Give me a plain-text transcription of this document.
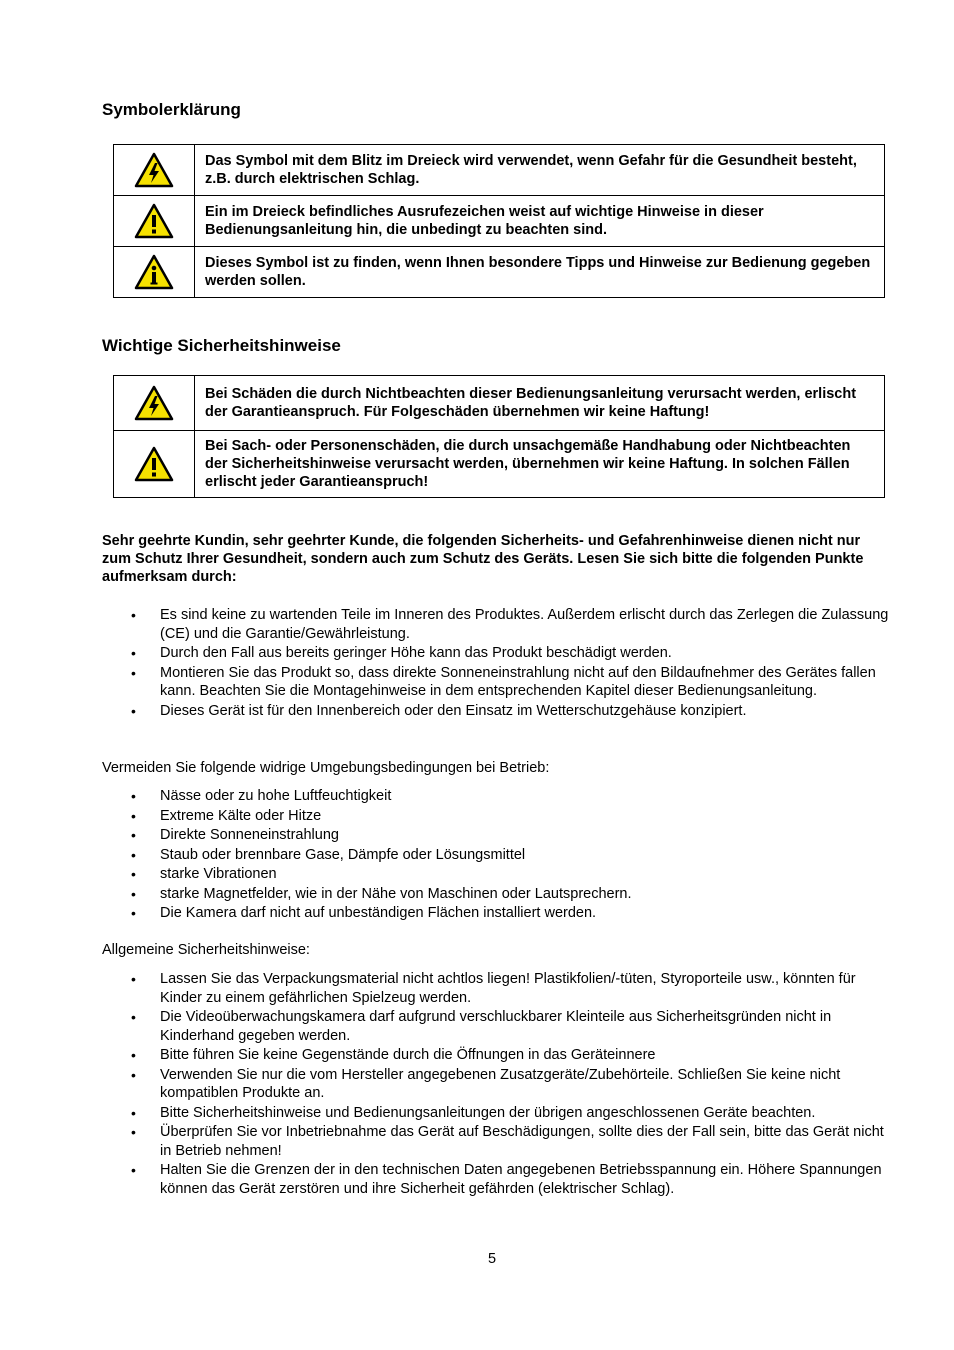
Symbolerklärung
	Das Symbol mit dem Blitz im Dreieck wird verwendet, wenn Gefahr für die Gesundheit besteht, z.B. durch elektrischen Schlag.

	Ein im Dreieck befindliches Ausrufezeichen weist auf wichtige Hinweise in dieser Bedienungsanleitung hin, die unbedingt zu beachten sind.

	Dieses Symbol ist zu finden, wenn Ihnen besondere Tipps und Hinweise zur Bedienung gegeben werden sollen.
Wichtige Sicherheitshinweise
	Bei Schäden die durch Nichtbeachten dieser Bedienungsanleitung verursacht werden, erlischt der Garantieanspruch. Für Folgeschäden übernehmen wir keine Haftung!

	Bei Sach- oder Personenschäden, die durch unsachgemäße Handhabung oder Nichtbeachten der Sicherheitshinweise verursacht werden, übernehmen wir keine Haftung. In solchen Fällen erlischt jeder Garantieanspruch!

Sehr geehrte Kundin, sehr geehrter Kunde, die folgenden Sicherheits- und Gefahrenhinweise dienen nicht nur zum Schutz Ihrer Gesundheit, sondern auch zum Schutz des Geräts. Lesen Sie sich bitte die folgenden Punkte aufmerksam durch:

• Es sind keine zu wartenden Teile im Inneren des Produktes. Außerdem erlischt durch das Zerlegen die Zulassung (CE) und die Garantie/Gewährleistung.
• Durch den Fall aus bereits geringer Höhe kann das Produkt beschädigt werden.
• Montieren Sie das Produkt so, dass direkte Sonneneinstrahlung nicht auf den Bildaufnehmer des Gerätes fallen kann. Beachten Sie die Montagehinweise in dem entsprechenden Kapitel dieser Bedienungsanleitung.
• Dieses Gerät ist für den Innenbereich oder den Einsatz im Wetterschutzgehäuse konzipiert.

Vermeiden Sie folgende widrige Umgebungsbedingungen bei Betrieb:

• Nässe oder zu hohe Luftfeuchtigkeit
• Extreme Kälte oder Hitze
• Direkte Sonneneinstrahlung
• Staub oder brennbare Gase, Dämpfe oder Lösungsmittel
• starke Vibrationen
• starke Magnetfelder, wie in der Nähe von Maschinen oder Lautsprechern.
• Die Kamera darf nicht auf unbeständigen Flächen installiert werden.

Allgemeine Sicherheitshinweise:

• Lassen Sie das Verpackungsmaterial nicht achtlos liegen! Plastikfolien/-tüten, Styroporteile usw., könnten für Kinder zu einem gefährlichen Spielzeug werden.
• Die Videoüberwachungskamera darf aufgrund verschluckbarer Kleinteile aus Sicherheitsgründen nicht in Kinderhand gegeben werden.
• Bitte führen Sie keine Gegenstände durch die Öffnungen in das Geräteinnere
• Verwenden Sie nur die vom Hersteller angegebenen Zusatzgeräte/Zubehörteile. Schließen Sie keine nicht kompatiblen Produkte an.
• Bitte Sicherheitshinweise und Bedienungsanleitungen der übrigen angeschlossenen Geräte beachten.
• Überprüfen Sie vor Inbetriebnahme das Gerät auf Beschädigungen, sollte dies der Fall sein, bitte das Gerät nicht in Betrieb nehmen!
• Halten Sie die Grenzen der in den technischen Daten angegebenen Betriebsspannung ein. Höhere Spannungen können das Gerät zerstören und ihre Sicherheit gefährden (elektrischer Schlag).
5
